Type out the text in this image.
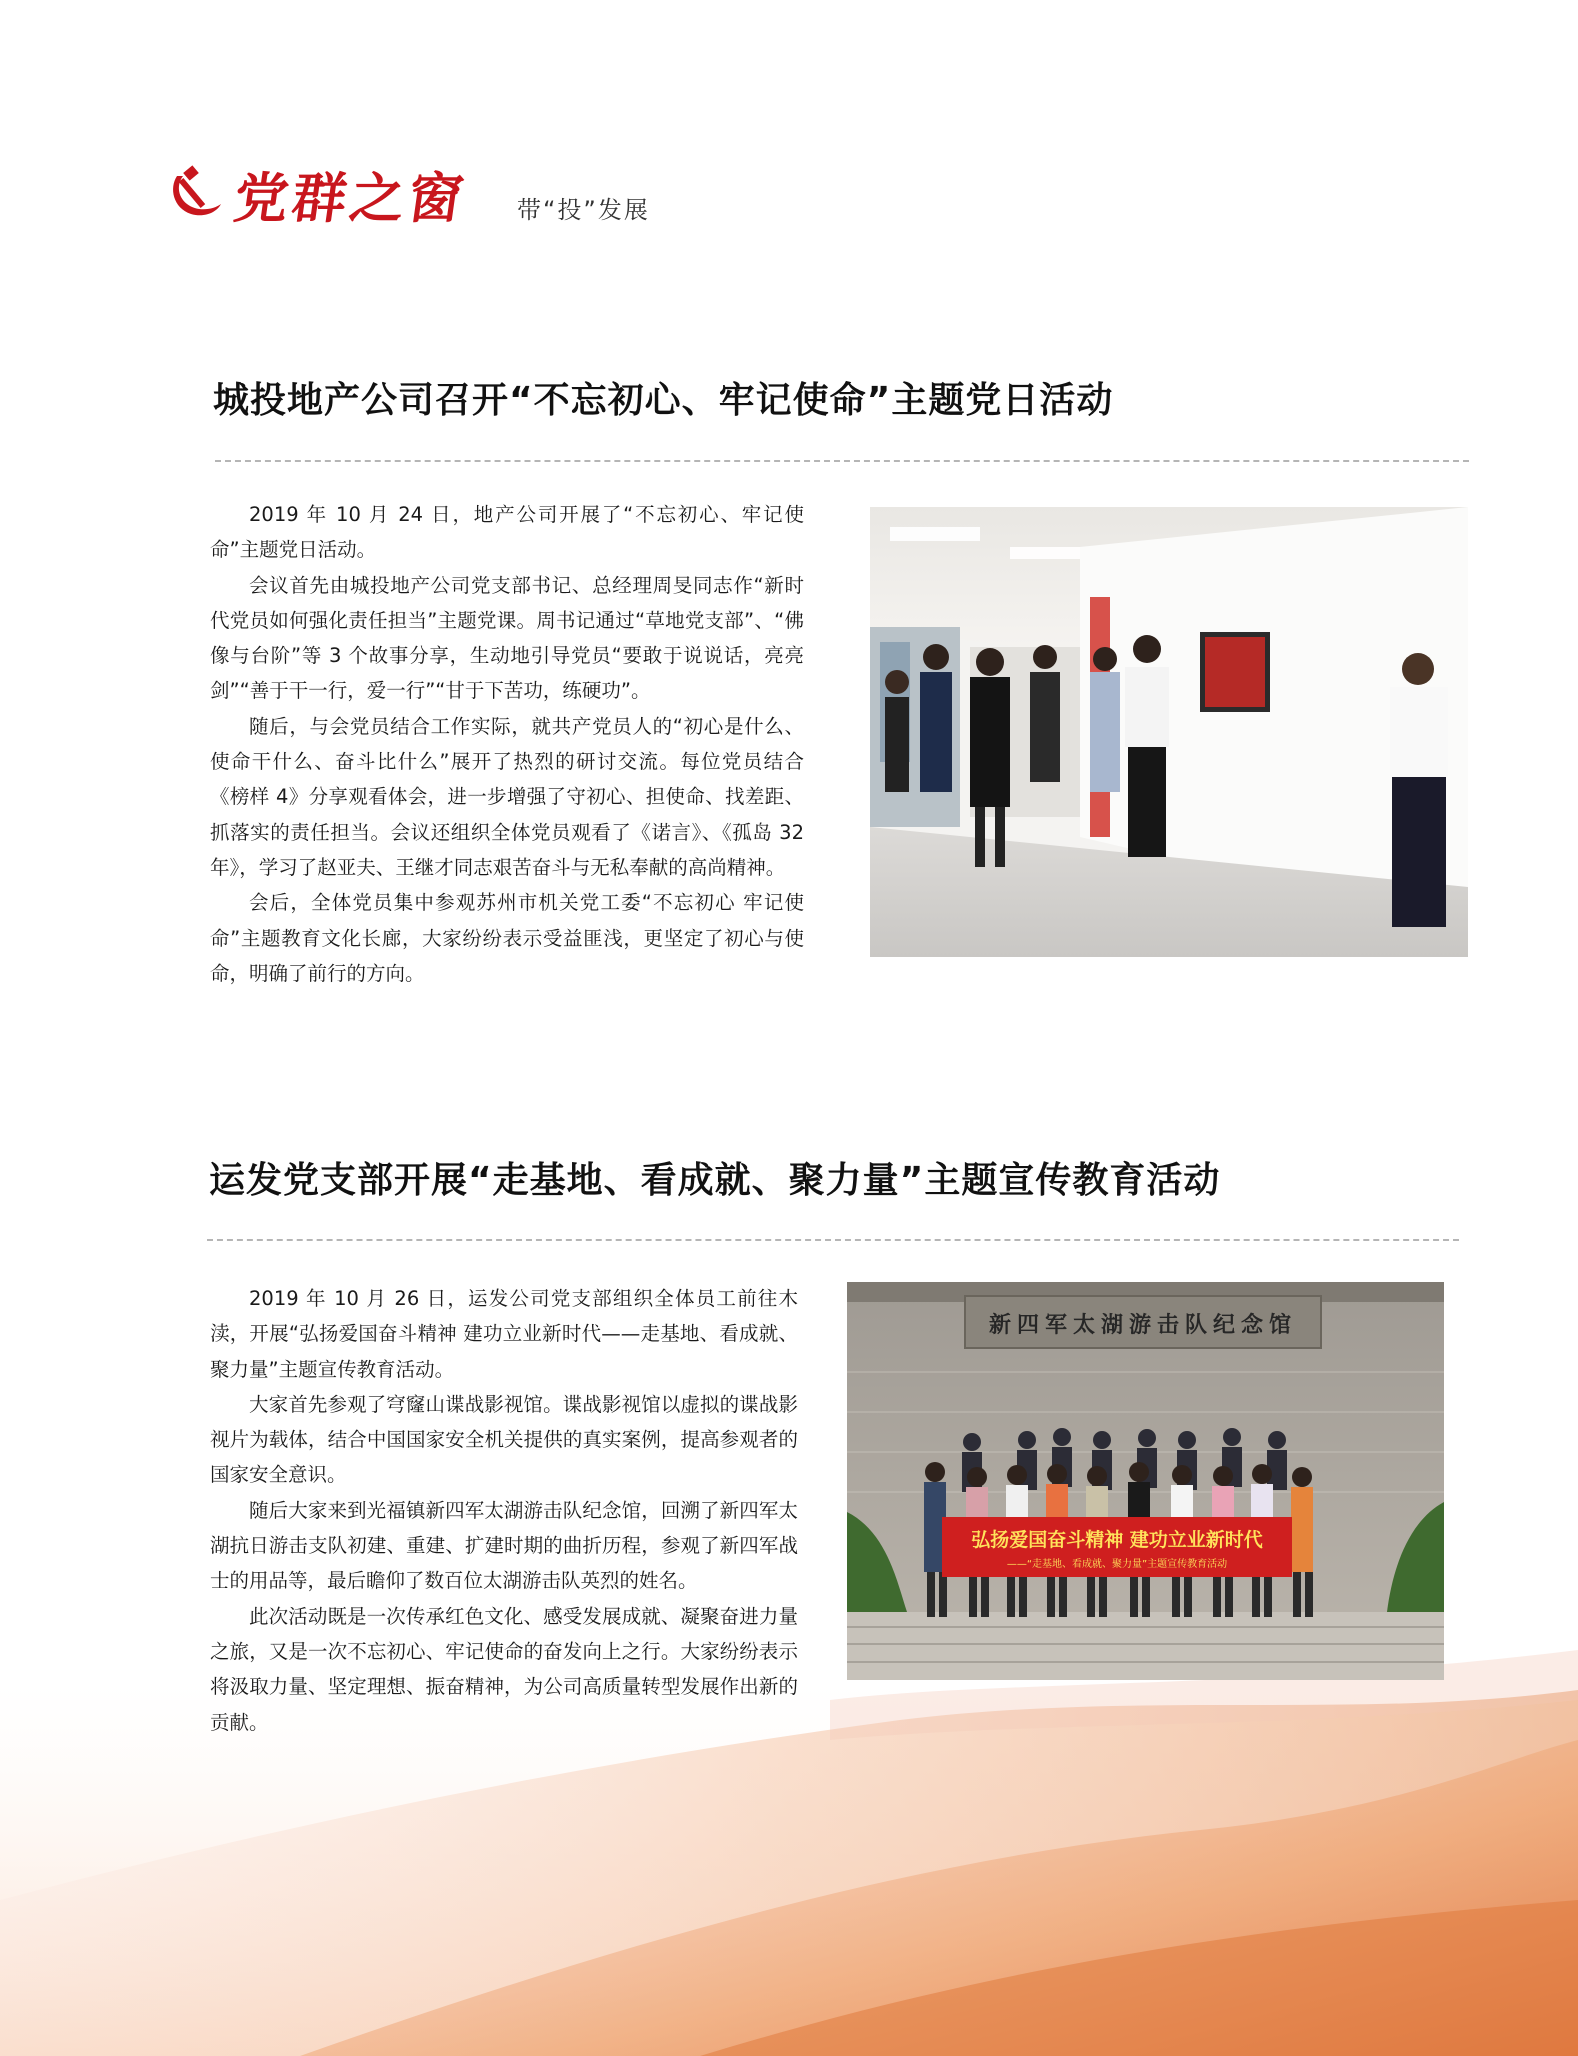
党群之窗 带“投”发展
城投地产公司召开“不忘初心、牢记使命”主题党日活动

2019 年 10 月 24 日，地产公司开展了“不忘初心、牢记使命”主题党日活动。

会议首先由城投地产公司党支部书记、总经理周旻同志作“新时代党员如何强化责任担当”主题党课。周书记通过“草地党支部”、“佛像与台阶”等 3 个故事分享，生动地引导党员“要敢于说说话，亮亮剑”“善于干一行，爱一行”“甘于下苦功，练硬功”。

随后，与会党员结合工作实际，就共产党员人的“初心是什么、使命干什么、奋斗比什么”展开了热烈的研讨交流。每位党员结合《榜样 4》分享观看体会，进一步增强了守初心、担使命、找差距、抓落实的责任担当。会议还组织全体党员观看了《诺言》、《孤岛 32 年》，学习了赵亚夫、王继才同志艰苦奋斗与无私奉献的高尚精神。

会后，全体党员集中参观苏州市机关党工委“不忘初心 牢记使命”主题教育文化长廊，大家纷纷表示受益匪浅，更坚定了初心与使命，明确了前行的方向。

运发党支部开展“走基地、看成就、聚力量”主题宣传教育活动

2019 年 10 月 26 日，运发公司党支部组织全体员工前往木渎，开展“弘扬爱国奋斗精神 建功立业新时代——走基地、看成就、聚力量”主题宣传教育活动。

大家首先参观了穹窿山谍战影视馆。谍战影视馆以虚拟的谍战影视片为载体，结合中国国家安全机关提供的真实案例，提高参观者的国家安全意识。

随后大家来到光福镇新四军太湖游击队纪念馆，回溯了新四军太湖抗日游击支队初建、重建、扩建时期的曲折历程，参观了新四军战士的用品等，最后瞻仰了数百位太湖游击队英烈的姓名。

此次活动既是一次传承红色文化、感受发展成就、凝聚奋进力量之旅，又是一次不忘初心、牢记使命的奋发向上之行。大家纷纷表示将汲取力量、坚定理想、振奋精神，为公司高质量转型发展作出新的贡献。

新四军太湖游击队纪念馆
弘扬爱国奋斗精神 建功立业新时代
——“走基地、看成就、聚力量”主题宣传教育活动
